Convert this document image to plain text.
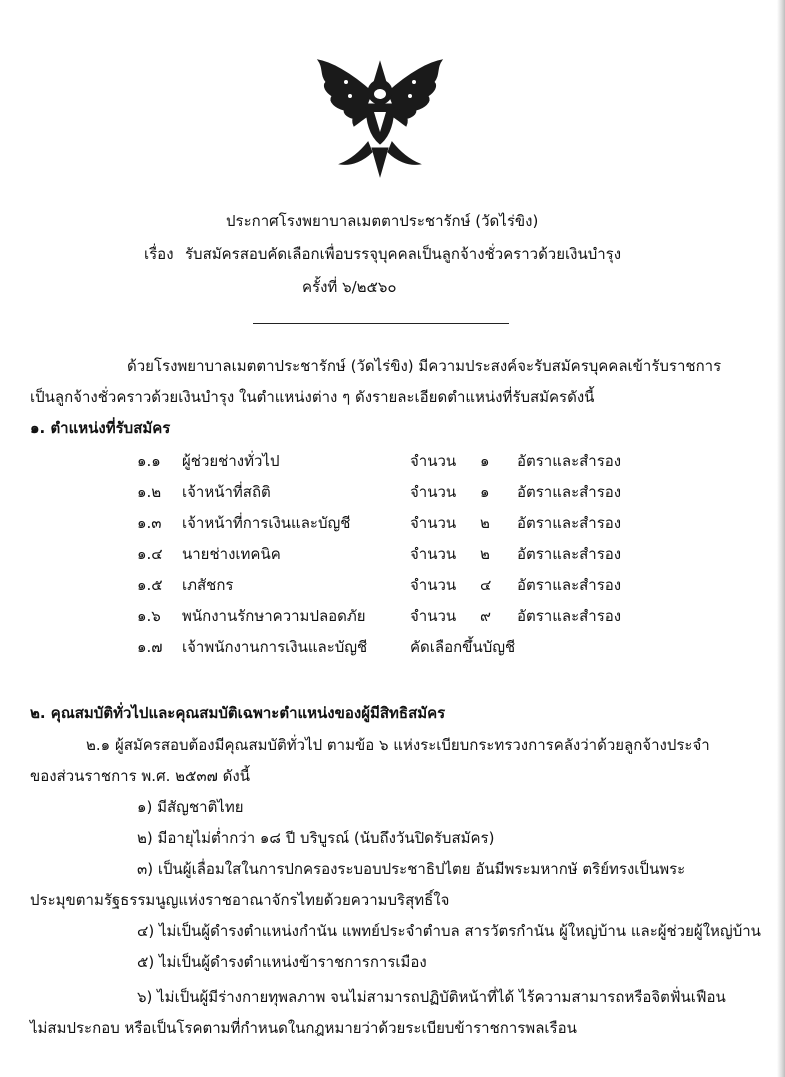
ประกาศโรงพยาบาลเมตตาประชารักษ์ (วัดไร่ขิง)
เรื่อง รับสมัครสอบคัดเลือกเพื่อบรรจุบุคคลเป็นลูกจ้างชั่วคราวด้วยเงินบำรุง
ครั้งที่ ๖/๒๕๖๐
ด้วยโรงพยาบาลเมตตาประชารักษ์ (วัดไร่ขิง) มีความประสงค์จะรับสมัครบุคคลเข้ารับราชการ
เป็นลูกจ้างชั่วคราวด้วยเงินบำรุง ในตำแหน่งต่าง ๆ ดังรายละเอียดตำแหน่งที่รับสมัครดังนี้
๑. ตำแหน่งที่รับสมัคร
๑.๑ ผู้ช่วยช่างทั่วไป	จำนวน ๑ อัตราและสำรอง
๑.๒ เจ้าหน้าที่สถิติ	จำนวน ๑ อัตราและสำรอง
๑.๓ เจ้าหน้าที่การเงินและบัญชี	จำนวน ๒ อัตราและสำรอง
๑.๔ นายช่างเทคนิค	จำนวน ๒ อัตราและสำรอง
๑.๕ เภสัชกร	จำนวน ๔ อัตราและสำรอง
๑.๖ พนักงานรักษาความปลอดภัย	จำนวน ๙ อัตราและสำรอง
๑.๗ เจ้าพนักงานการเงินและบัญชี	คัดเลือกขึ้นบัญชี
๒. คุณสมบัติทั่วไปและคุณสมบัติเฉพาะตำแหน่งของผู้มีสิทธิสมัคร
๒.๑ ผู้สมัครสอบต้องมีคุณสมบัติทั่วไป ตามข้อ ๖ แห่งระเบียบกระทรวงการคลังว่าด้วยลูกจ้างประจำ
ของส่วนราชการ พ.ศ. ๒๕๓๗ ดังนี้
๑) มีสัญชาติไทย
๒) มีอายุไม่ต่ำกว่า ๑๘ ปี บริบูรณ์ (นับถึงวันปิดรับสมัคร)
๓) เป็นผู้เลื่อมใสในการปกครองระบอบประชาธิปไตย อันมีพระมหากษั ตริย์ทรงเป็นพระ
ประมุขตามรัฐธรรมนูญแห่งราชอาณาจักรไทยด้วยความบริสุทธิ์ใจ
๔) ไม่เป็นผู้ดำรงตำแหน่งกำนัน แพทย์ประจำตำบล สารวัตรกำนัน ผู้ใหญ่บ้าน และผู้ช่วยผู้ใหญ่บ้าน
๕) ไม่เป็นผู้ดำรงตำแหน่งข้าราชการการเมือง
๖) ไม่เป็นผู้มีร่างกายทุพลภาพ จนไม่สามารถปฏิบัติหน้าที่ได้ ไร้ความสามารถหรือจิตฟั่นเฟือน
ไม่สมประกอบ หรือเป็นโรคตามที่กำหนดในกฎหมายว่าด้วยระเบียบข้าราชการพลเรือน
